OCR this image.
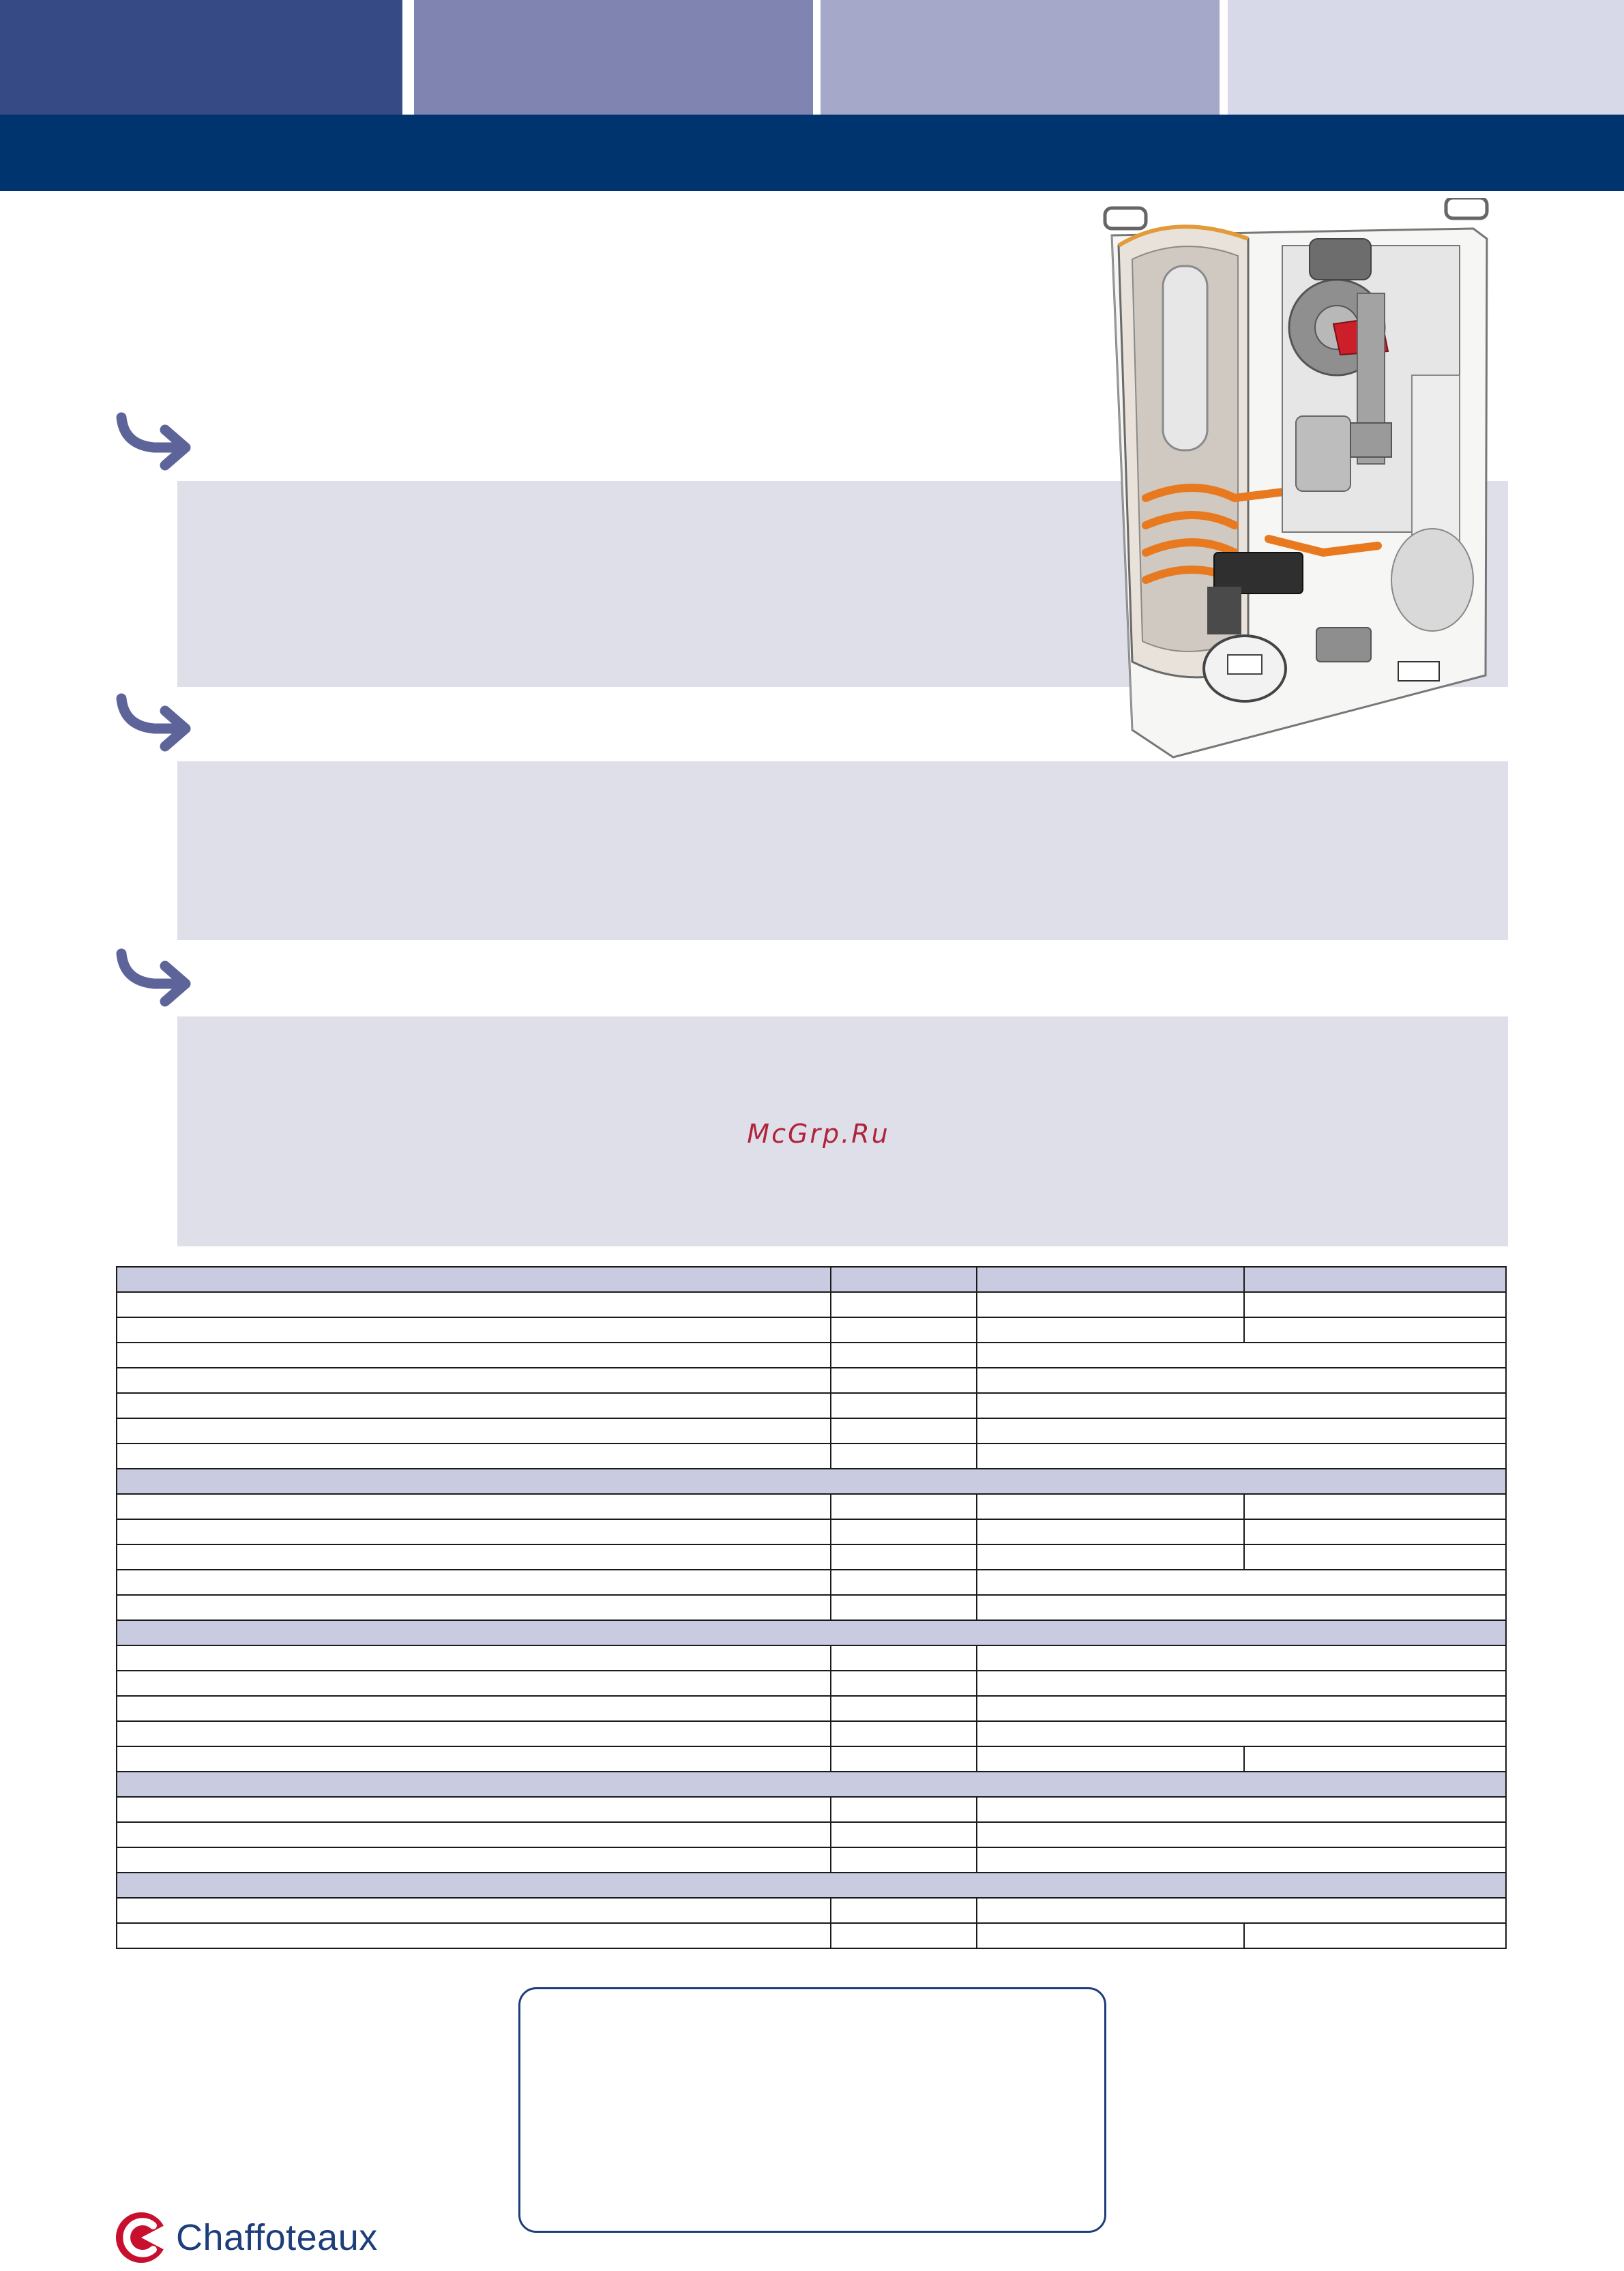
McGrp.Ru

Chaffoteaux
